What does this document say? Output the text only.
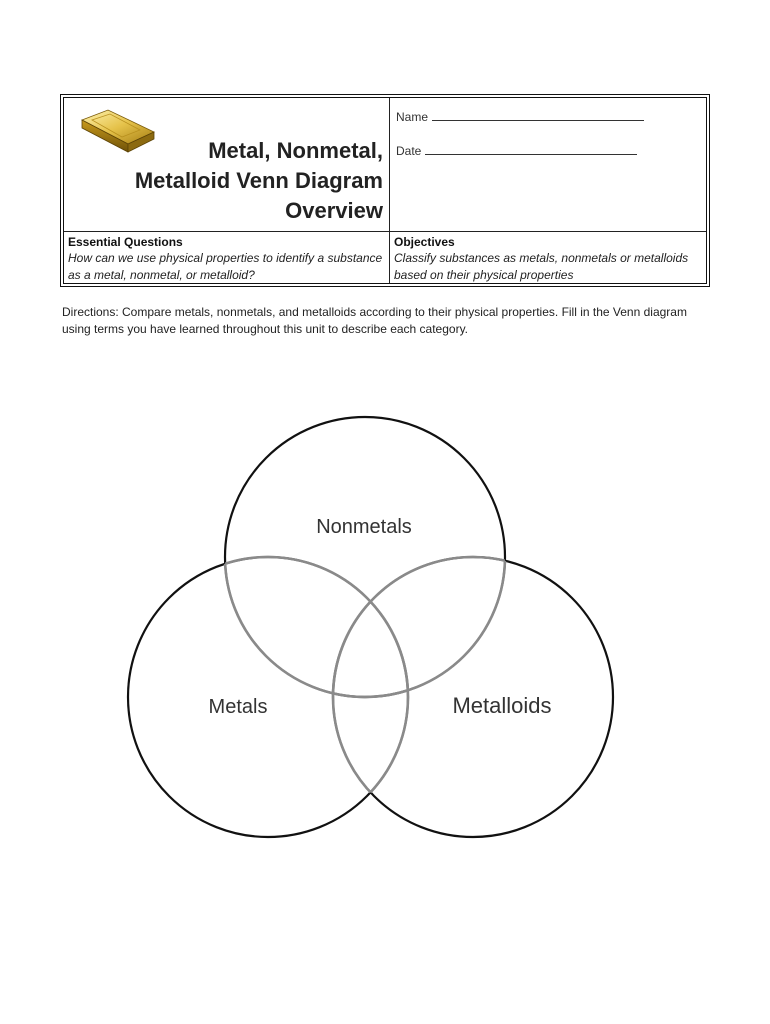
Metal, Nonmetal,
Metalloid Venn Diagram
Overview
Name
Date
Essential Questions
How can we use physical properties to identify a substance as a metal, nonmetal, or metalloid?
Objectives
Classify substances as metals, nonmetals or metalloids based on their physical properties
Directions: Compare metals, nonmetals, and metalloids according to their physical properties. Fill in the Venn diagram using terms you have learned throughout this unit to describe each category.
Nonmetals
Metals	Metalloids
